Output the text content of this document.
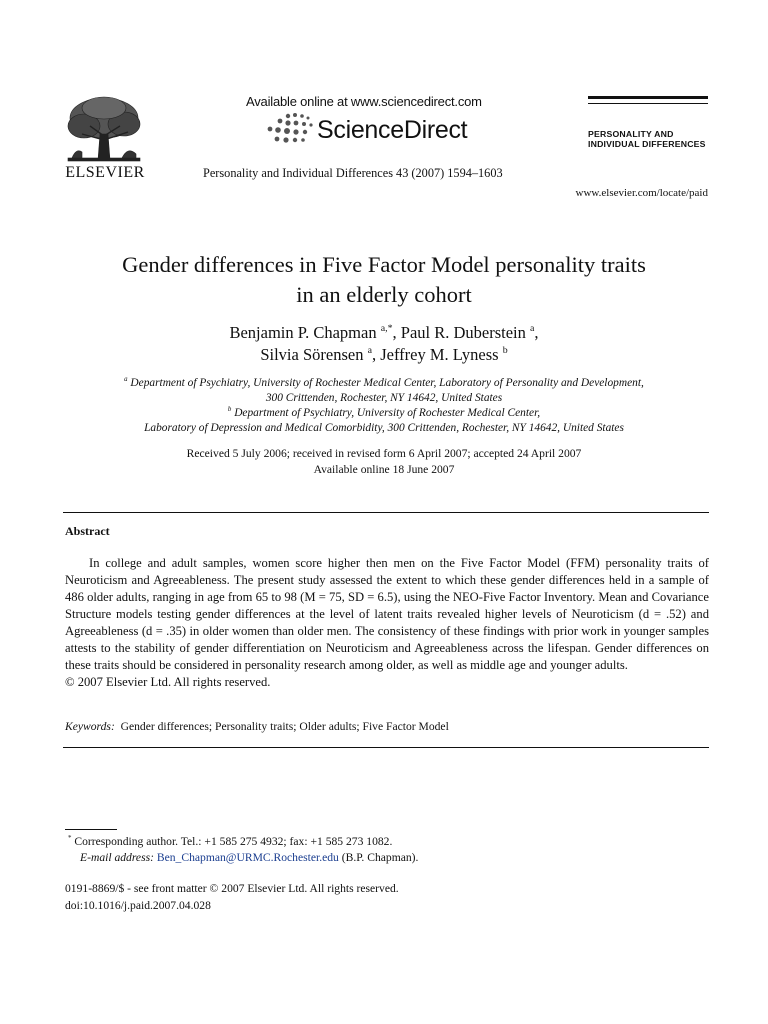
ELSEVIER
Available online at www.sciencedirect.com
ScienceDirect
Personality and Individual Differences 43 (2007) 1594–1603
PERSONALITY AND
INDIVIDUAL DIFFERENCES
www.elsevier.com/locate/paid
Gender differences in Five Factor Model personality traits
in an elderly cohort
Benjamin P. Chapman $^{a,*}$, Paul R. Duberstein $^a$,
Silvia Sörensen $^a$, Jeffrey M. Lyness $^b$
$^a$ Department of Psychiatry, University of Rochester Medical Center, Laboratory of Personality and Development,
300 Crittenden, Rochester, NY 14642, United States
$^b$ Department of Psychiatry, University of Rochester Medical Center,
Laboratory of Depression and Medical Comorbidity, 300 Crittenden, Rochester, NY 14642, United States
Received 5 July 2006; received in revised form 6 April 2007; accepted 24 April 2007
Available online 18 June 2007
Abstract

In college and adult samples, women score higher then men on the Five Factor Model (FFM) personality traits of Neuroticism and Agreeableness. The present study assessed the extent to which these gender differences held in a sample of 486 older adults, ranging in age from 65 to 98 (M = 75, SD = 6.5), using the NEO-Five Factor Inventory. Mean and Covariance Structure models testing gender differences at the level of latent traits revealed higher levels of Neuroticism (d = .52) and Agreeableness (d = .35) in older women than older men. The consistency of these findings with prior work in younger samples attests to the stability of gender differentiation on Neuroticism and Agreeableness across the lifespan. Gender differences on these traits should be considered in personality research among older, as well as middle age and younger adults.

© 2007 Elsevier Ltd. All rights reserved.
Keywords: Gender differences; Personality traits; Older adults; Five Factor Model
* Corresponding author. Tel.: +1 585 275 4932; fax: +1 585 273 1082.
E-mail address: Ben_Chapman@URMC.Rochester.edu (B.P. Chapman).
0191-8869/$ - see front matter © 2007 Elsevier Ltd. All rights reserved.
doi:10.1016/j.paid.2007.04.028
